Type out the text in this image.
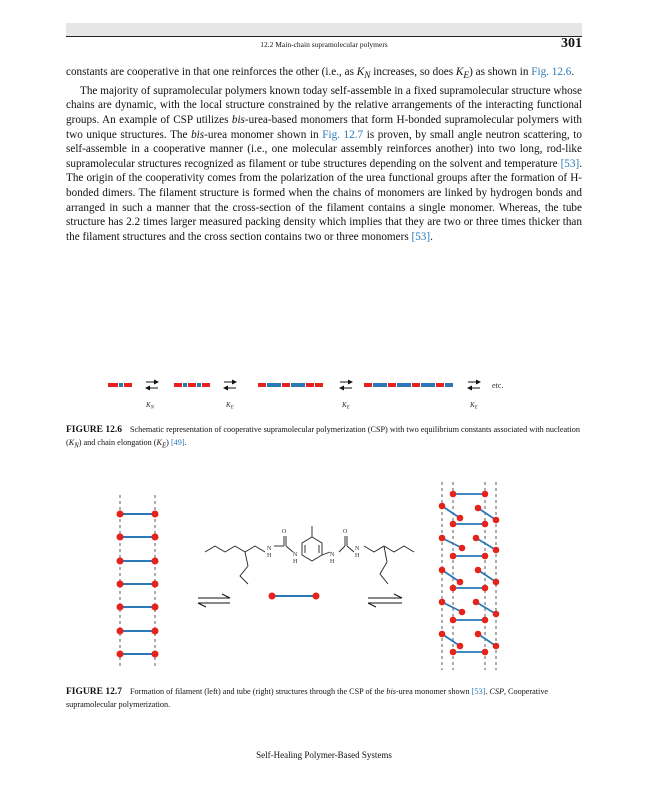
12.2 Main-chain supramolecular polymers	301

constants are cooperative in that one reinforces the other (i.e., as $K_N$ increases, so does $K_E$) as shown in Fig. 12.6.

The majority of supramolecular polymers known today self-assemble in a fixed supramolecular structure whose chains are dynamic, with the local structure constrained by the relative arrangements of the interacting functional groups. An example of CSP utilizes bis-urea-based monomers that form H-bonded supramolecular polymers with two unique structures. The bis-urea monomer shown in Fig. 12.7 is proven, by small angle neutron scattering, to self-assemble in a cooperative manner (i.e., one molecular assembly reinforces another) into two long, rod-like supramolecular structures recognized as filament or tube structures depending on the solvent and temperature [53]. The origin of the cooperativity comes from the polarization of the urea functional groups after the formation of H-bonded dimers. The filament structure is formed when the chains of monomers are linked by hydrogen bonds and arranged in such a manner that the cross-section of the filament contains a single monomer. Whereas, the tube structure has 2.2 times larger measured packing density which implies that they are two or three times thicker than the filament structures and the cross section contains two or three monomers [53].

etc.
$K_N$	$K_E$	$K_E$	$K_E$
FIGURE 12.6 Schematic representation of cooperative supramolecular polymerization (CSP) with two equilibrium constants associated with nucleation $(K_N)$ and chain elongation $(K_E)$ [49].
O	O
N
H	N
H
N
H
N
H
FIGURE 12.7 Formation of filament (left) and tube (right) structures through the CSP of the bis-urea monomer shown [53]. CSP, Cooperative supramolecular polymerization.
Self-Healing Polymer-Based Systems
